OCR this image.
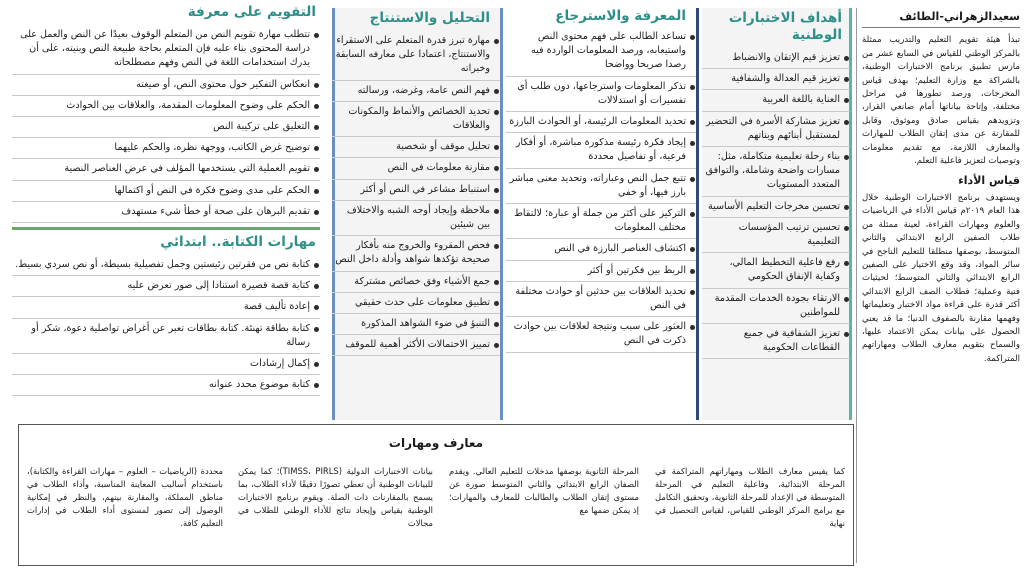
سعيدالزهراني-الطائف

تبدأ هيئة تقويم التعليم والتدريب ممثلة بالمركز الوطني للقياس في السابع عشر من مارس تطبيق برنامج الاختبارات الوطنية، بالشراكة مع وزارة التعليم؛ بهدف قياس المخرجات، ورصد تطورها في مراحل مختلفة، وإتاحة بياناتها أمام صانعي القرار، وتزويدهم بقياس صادق وموثوق، وقابل للمقارنة عن مدى إتقان الطلاب للمهارات والمعارف اللازمة، مع تقديم معلومات وتوصيات لتعزيز فاعلية التعلم.

قياس الأداء

ويستهدف برنامج الاختبارات الوطنية خلال هذا العام ٢٠١٩م قياس الأداء في الرياضيات والعلوم ومهارات القراءة، لعينة ممثلة من طلاب الصفين الرابع الابتدائي والثاني المتوسط، بوصفها منطلقا للتعليم الناجح في سائر المواد، وقد وقع الاختيار على الصفين الرابع الابتدائي والثاني المتوسط؛ لحيثيات فنية وعملية؛ فطلاب الصف الرابع الابتدائي أكثر قدرة على قراءة مواد الاختبار وتعليماتها وفهمها مقارنة بالصفوف الدنيا؛ ما قد يعني الحصول على بيانات يمكن الاعتماد عليها، والسماح بتقويم معارف الطلاب ومهاراتهم المتراكمة.

أهداف الاختبارات الوطنية
تعزيز قيم الإتقان والانضباط
تعزيز قيم العدالة والشفافية
العناية باللغة العربية
تعزيز مشاركة الأسرة في التحضير لمستقبل أبنائهم وبناتهم
بناء رحلة تعليمية متكاملة، مثل: مسارات واضحة وشاملة، والتوافق المتعدد المستويات
تحسين مخرجات التعليم الأساسية
تحسين ترتيب المؤسسات التعليمية
رفع فاعلية التخطيط المالي، وكفاية الإنفاق الحكومي
الارتقاء بجودة الخدمات المقدمة للمواطنين
تعزيز الشفافية في جميع القطاعات الحكومية
المعرفة والاسترجاع
تساعد الطالب على فهم محتوى النص واستيعابه، ورصد المعلومات الواردة فيه رصدا صريحا وواضحا
تذكر المعلومات واسترجاعها، دون طلب أي تفسيرات أو استدلالات
تحديد المعلومات الرئيسة، أو الحوادث البارزة
إيجاد فكرة رئيسة مذكورة مباشرة، أو أفكار فرعية، أو تفاصيل محددة
تتبع جمل النص وعباراته، وتحديد معنى مباشر بارز فيها، أو خفي
التركيز على أكثر من جملة أو عبارة؛ لالتقاط مختلف المعلومات
اكتشاف العناصر البارزة في النص
الربط بين فكرتين أو أكثر
تحديد العلاقات بين حدثين أو حوادث مختلفة في النص
العثور على سبب ونتيجة لعلاقات بين حوادث ذكرت في النص
التحليل والاستنتاج
مهارة تبرز قدرة المتعلم على الاستقراء والاستنتاج، اعتمادا على معارفه السابقة وخبراته
فهم النص عامة، وغرضه، ورسالته
تحديد الخصائص والأنماط والمكونات والعلاقات
تحليل موقف أو شخصية
مقارنة معلومات في النص
استنباط مشاعر في النص أو أكثر
ملاحظة وإيجاد أوجه الشبه والاختلاف بين شيئين
فحص المقروء والخروج منه بأفكار صحيحة تؤكدها شواهد وأدلة داخل النص
جمع الأشياء وفق خصائص مشتركة
تطبيق معلومات على حدث حقيقي
التنبؤ في ضوء الشواهد المذكورة
تمييز الاحتمالات الأكثر أهمية للموقف
التقويم على معرفة
تتطلب مهارة تقويم النص من المتعلم الوقوف بعيدًا عن النص والعمل على دراسة المحتوى بناء عليه فإن المتعلم بحاجة طبيعة النص وبنيته، على أن يدرك استخدامات اللغة في النص وفهم مصطلحاته
انعكاس التفكير حول محتوى النص، أو صيغته
الحكم على وضوح المعلومات المقدمة، والعلاقات بين الحوادث
التعليق على تركيبة النص
توضيح غرض الكاتب، ووجهة نظره، والحكم عليهما
تقويم العملية التي يستخدمها المؤلف في عرض العناصر النصية
الحكم على مدى وضوح فكرة في النص أو اكتمالها
تقديم البرهان على صحة أو خطأ شيء مستهدف
مهارات الكتابة.. ابتدائي
كتابة نص من فقرتين رئيستين وجمل تفصيلية بسيطة، أو نص سردي بسيط.
كتابة قصة قصيرة استنادا إلى صور تعرض عليه
إعادة تأليف قصة
كتابة بطاقة تهنئة. كتابة بطاقات تعبر عن أغراض تواصلية دعوة، شكر أو رسالة
إكمال إرشادات
كتابة موضوع محدد عنوانه
معارف ومهارات
كما يقيس معارف الطلاب ومهاراتهم المتراكمة في المرحلة الابتدائية، وفاعلية التعليم في المرحلة المتوسطة في الإعداد للمرحلة الثانوية، وتحقيق التكامل مع برامج المركز الوطني للقياس، لقياس التحصيل في نهاية
المرحلة الثانوية بوصفها مدخلات للتعليم العالي. ويقدم الصفان الرابع الابتدائي والثاني المتوسط صورة عن مستوى إتقان الطلاب والطالبات للمعارف والمهارات؛ إذ يمكن ضمها مع
بيانات الاختبارات الدولية (TIMSS، PIRLS)؛ كما يمكن للبيانات الوطنية أن تعطي تصورًا دقيقًا لأداء الطلاب، بما يسمح بالمقارنات ذات الصلة. ويقوم برنامج الاختبارات الوطنية بقياس وإيجاد نتائج للأداء الوطني للطلاب في مجالات
محددة (الرياضيات – العلوم – مهارات القراءة والكتابة)، باستخدام أساليب المعاينة المناسبة، وأداء الطلاب في مناطق المملكة، والمقارنة بينهم، والنظر في إمكانية الوصول إلى تصور لمستوى أداء الطلاب في إدارات التعليم كافة.
